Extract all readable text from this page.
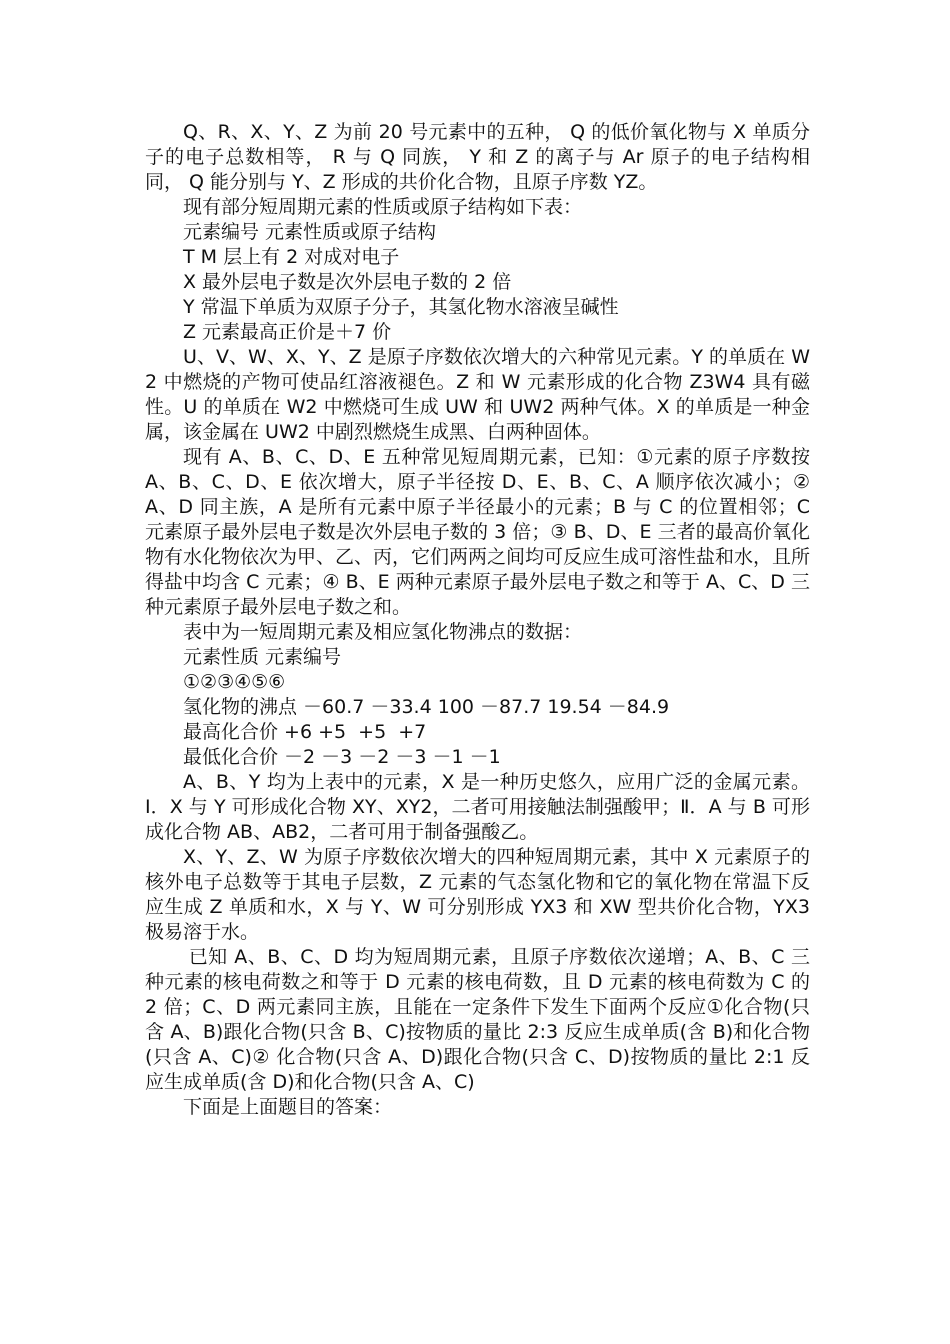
Q、R、X、Y、Z 为前 20 号元素中的五种， Q 的低价氧化物与 X 单质分子的电子总数相等， R 与 Q 同族， Y 和 Z 的离子与 Ar 原子的电子结构相同， Q 能分别与 Y、Z 形成的共价化合物，且原子序数 YZ。

现有部分短周期元素的性质或原子结构如下表：

元素编号 元素性质或原子结构

T M 层上有 2 对成对电子

X 最外层电子数是次外层电子数的 2 倍

Y 常温下单质为双原子分子，其氢化物水溶液呈碱性

Z 元素最高正价是＋7 价

U、V、W、X、Y、Z 是原子序数依次增大的六种常见元素。Y 的单质在 W2 中燃烧的产物可使品红溶液褪色。Z 和 W 元素形成的化合物 Z3W4 具有磁性。U 的单质在 W2 中燃烧可生成 UW 和 UW2 两种气体。X 的单质是一种金属，该金属在 UW2 中剧烈燃烧生成黑、白两种固体。

现有 A、B、C、D、E 五种常见短周期元素，已知：①元素的原子序数按 A、B、C、D、E 依次增大，原子半径按 D、E、B、C、A 顺序依次减小；② A、D 同主族，A 是所有元素中原子半径最小的元素；B 与 C 的位置相邻；C 元素原子最外层电子数是次外层电子数的 3 倍；③ B、D、E 三者的最高价氧化物有水化物依次为甲、乙、丙，它们两两之间均可反应生成可溶性盐和水，且所得盐中均含 C 元素；④ B、E 两种元素原子最外层电子数之和等于 A、C、D 三种元素原子最外层电子数之和。

表中为一短周期元素及相应氢化物沸点的数据：

元素性质 元素编号

①②③④⑤⑥

氢化物的沸点 －60.7 －33.4 100 －87.7 19.54 －84.9

最高化合价 +6 +5  +5  +7

最低化合价 －2 －3 －2 －3 －1 －1

A、B、Y 均为上表中的元素，X 是一种历史悠久，应用广泛的金属元素。Ⅰ．X 与 Y 可形成化合物 XY、XY2，二者可用接触法制强酸甲；Ⅱ．A 与 B 可形成化合物 AB、AB2，二者可用于制备强酸乙。

X、Y、Z、W 为原子序数依次增大的四种短周期元素，其中 X 元素原子的核外电子总数等于其电子层数，Z 元素的气态氢化物和它的氧化物在常温下反应生成 Z 单质和水，X 与 Y、W 可分别形成 YX3 和 XW 型共价化合物，YX3 极易溶于水。

已知 A、B、C、D 均为短周期元素，且原子序数依次递增；A、B、C 三种元素的核电荷数之和等于 D 元素的核电荷数，且 D 元素的核电荷数为 C 的 2 倍；C、D 两元素同主族，且能在一定条件下发生下面两个反应①化合物(只含 A、B)跟化合物(只含 B、C)按物质的量比 2:3 反应生成单质(含 B)和化合物(只含 A、C)② 化合物(只含 A、D)跟化合物(只含 C、D)按物质的量比 2:1 反应生成单质(含 D)和化合物(只含 A、C)

下面是上面题目的答案：
